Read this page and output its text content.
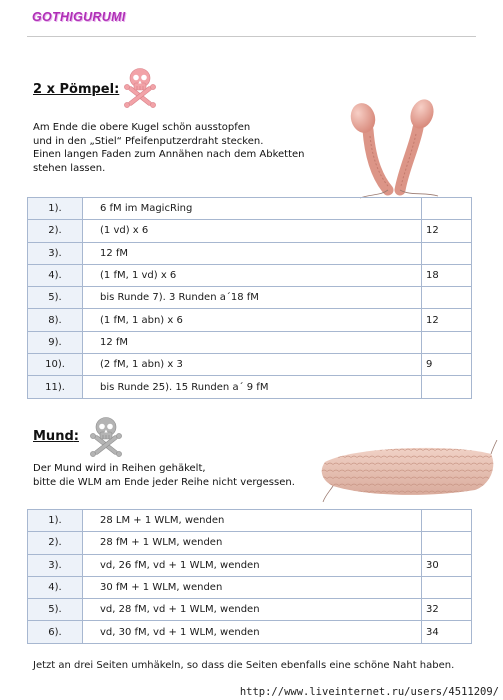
GOTHIGURUMI
2 x Pömpel:
Am Ende die obere Kugel schön ausstopfen
und in den „Stiel“ Pfeifenputzerdraht stecken.
Einen langen Faden zum Annähen nach dem Abketten
stehen lassen.
1).	6 fM im MagicRing	
2).	(1 vd) x 6	12
3).	12 fM	
4).	(1 fM, 1 vd) x 6	18
5).	bis Runde 7). 3 Runden a´18 fM	
8).	(1 fM, 1 abn) x 6	12
9).	12 fM	
10).	(2 fM, 1 abn) x 3	9
11).	bis Runde 25). 15 Runden a´ 9 fM	
Mund:
Der Mund wird in Reihen gehäkelt,
bitte die WLM am Ende jeder Reihe nicht vergessen.
1).	28 LM + 1 WLM, wenden	
2).	28 fM + 1 WLM, wenden	
3).	vd, 26 fM, vd + 1 WLM, wenden	30
4).	30 fM + 1 WLM, wenden	
5).	vd, 28 fM, vd + 1 WLM, wenden	32
6).	vd, 30 fM, vd + 1 WLM, wenden	34
Jetzt an drei Seiten umhäkeln, so dass die Seiten ebenfalls eine schöne Naht haben.
http://www.liveinternet.ru/users/4511209/
